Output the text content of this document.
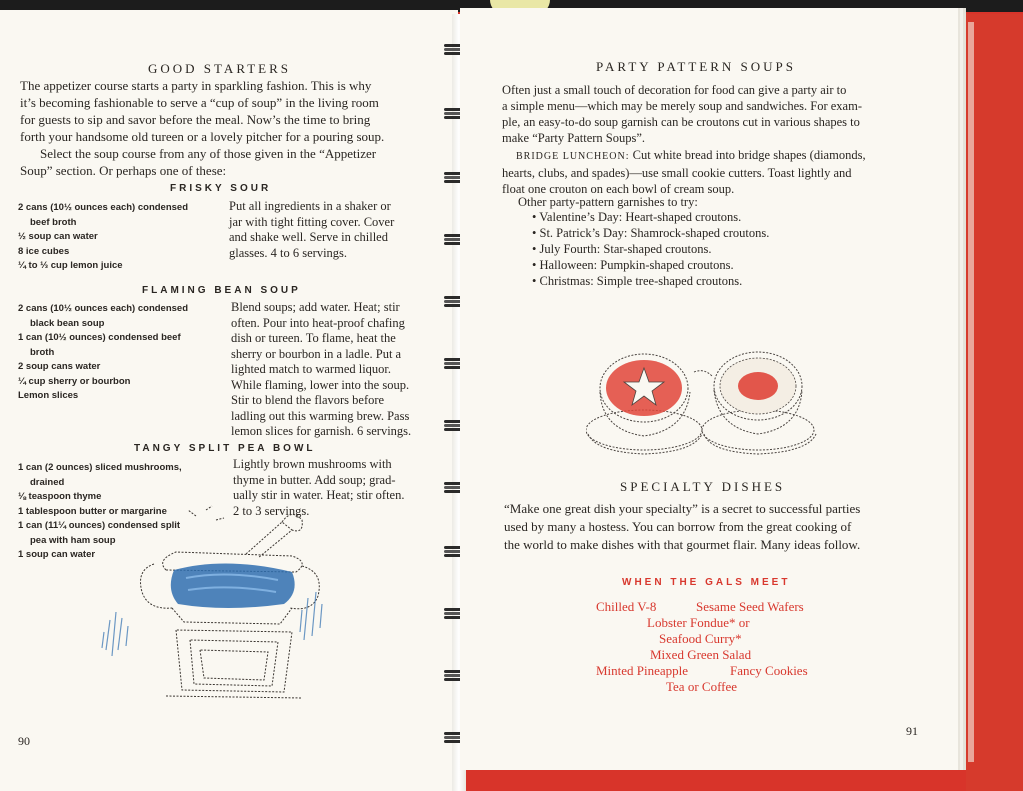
GOOD STARTERS
The appetizer course starts a party in sparkling fashion. This is why
it’s becoming fashionable to serve a “cup of soup” in the living room
for guests to sip and savor before the meal. Now’s the time to bring
forth your handsome old tureen or a lovely pitcher for a pouring soup.
Select the soup course from any of those given in the “Appetizer
Soup” section. Or perhaps one of these:
FRISKY SOUR
2 cans (10½ ounces each) condensed
beef broth
½ soup can water
8 ice cubes
¼ to ⅓ cup lemon juice
Put all ingredients in a shaker or
jar with tight fitting cover. Cover
and shake well. Serve in chilled
glasses. 4 to 6 servings.
FLAMING BEAN SOUP
2 cans (10½ ounces each) condensed
black bean soup
1 can (10½ ounces) condensed beef
broth
2 soup cans water
¼ cup sherry or bourbon
Lemon slices
Blend soups; add water. Heat; stir
often. Pour into heat-proof chafing
dish or tureen. To flame, heat the
sherry or bourbon in a ladle. Put a
lighted match to warmed liquor.
While flaming, lower into the soup.
Stir to blend the flavors before
ladling out this warming brew. Pass
lemon slices for garnish. 6 servings.
TANGY SPLIT PEA BOWL
1 can (2 ounces) sliced mushrooms,
drained
⅛ teaspoon thyme
1 tablespoon butter or margarine
1 can (11¼ ounces) condensed split
pea with ham soup
1 soup can water
Lightly brown mushrooms with
thyme in butter. Add soup; grad-
ually stir in water. Heat; stir often.
2 to 3 servings.
90
PARTY PATTERN SOUPS
Often just a small touch of decoration for food can give a party air to
a simple menu—which may be merely soup and sandwiches. For exam-
ple, an easy-to-do soup garnish can be croutons cut in various shapes to
make “Party Pattern Soups”.
BRIDGE LUNCHEON: Cut white bread into bridge shapes (diamonds,
hearts, clubs, and spades)—use small cookie cutters. Toast lightly and
float one crouton on each bowl of cream soup.
Other party-pattern garnishes to try:
• Valentine’s Day: Heart-shaped croutons.
• St. Patrick’s Day: Shamrock-shaped croutons.
• July Fourth: Star-shaped croutons.
• Halloween: Pumpkin-shaped croutons.
• Christmas: Simple tree-shaped croutons.
SPECIALTY DISHES
“Make one great dish your specialty” is a secret to successful parties
used by many a hostess. You can borrow from the great cooking of
the world to make dishes with that gourmet flair. Many ideas follow.
WHEN THE GALS MEET
Chilled V-8	Sesame Seed Wafers
Lobster Fondue* or
Seafood Curry*
Mixed Green Salad
Minted Pineapple	Fancy Cookies
Tea or Coffee
91
